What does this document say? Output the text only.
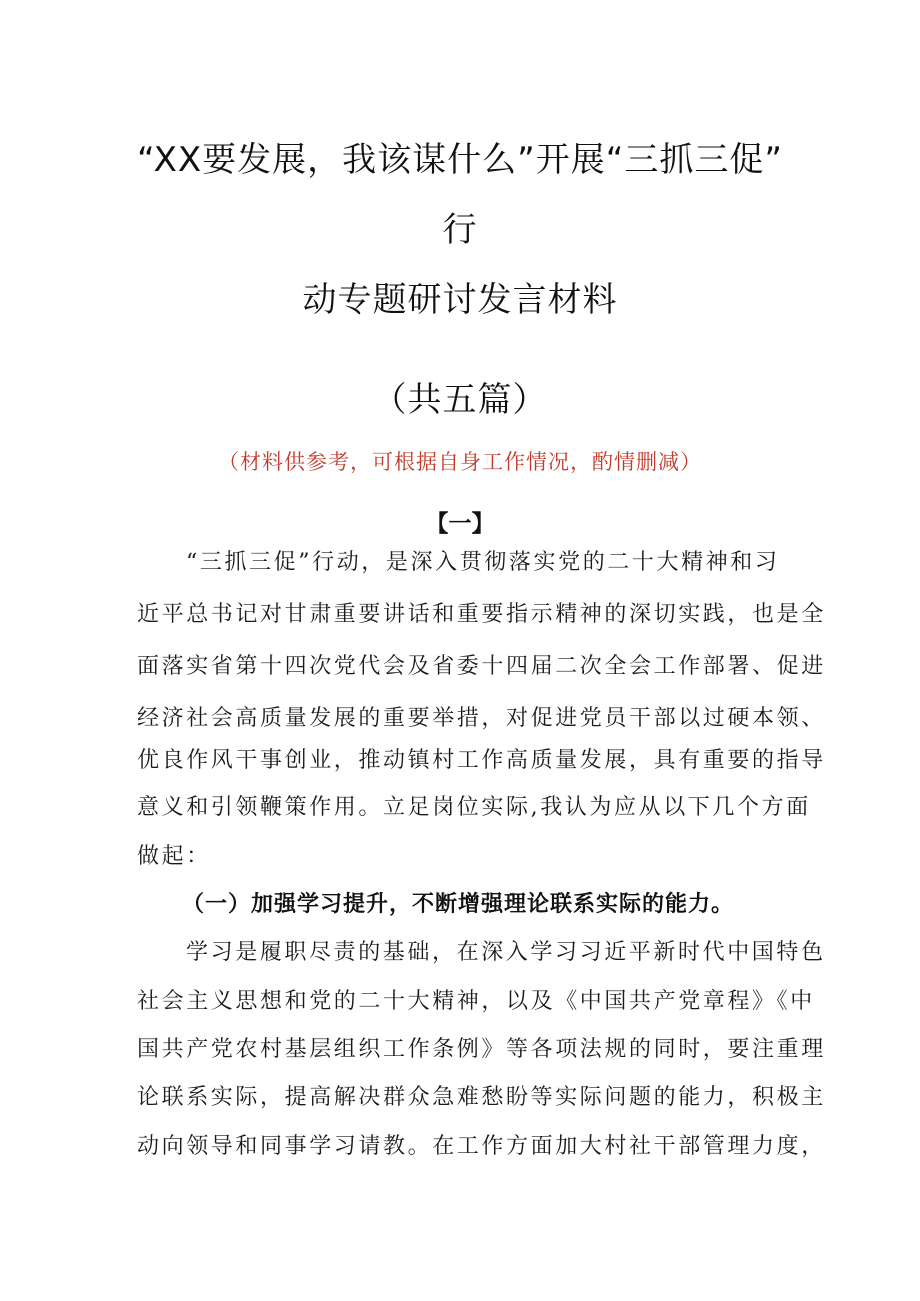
“XX要发展，我该谋什么”开展“三抓三促”
行
动专题研讨发言材料
（共五篇）
（材料供参考，可根据自身工作情况，酌情删减）
【一】
“三抓三促”行动，是深入贯彻落实党的二十大精神和习
近平总书记对甘肃重要讲话和重要指示精神的深切实践，也是全
面落实省第十四次党代会及省委十四届二次全会工作部署、促进
经济社会高质量发展的重要举措，对促进党员干部以过硬本领、
优良作风干事创业，推动镇村工作高质量发展，具有重要的指导
意义和引领鞭策作用。立足岗位实际,我认为应从以下几个方面
做起：
（一）加强学习提升，不断增强理论联系实际的能力。
学习是履职尽责的基础，在深入学习习近平新时代中国特色
社会主义思想和党的二十大精神，以及《中国共产党章程》《中
国共产党农村基层组织工作条例》等各项法规的同时，要注重理
论联系实际，提高解决群众急难愁盼等实际问题的能力，积极主
动向领导和同事学习请教。在工作方面加大村社干部管理力度，
